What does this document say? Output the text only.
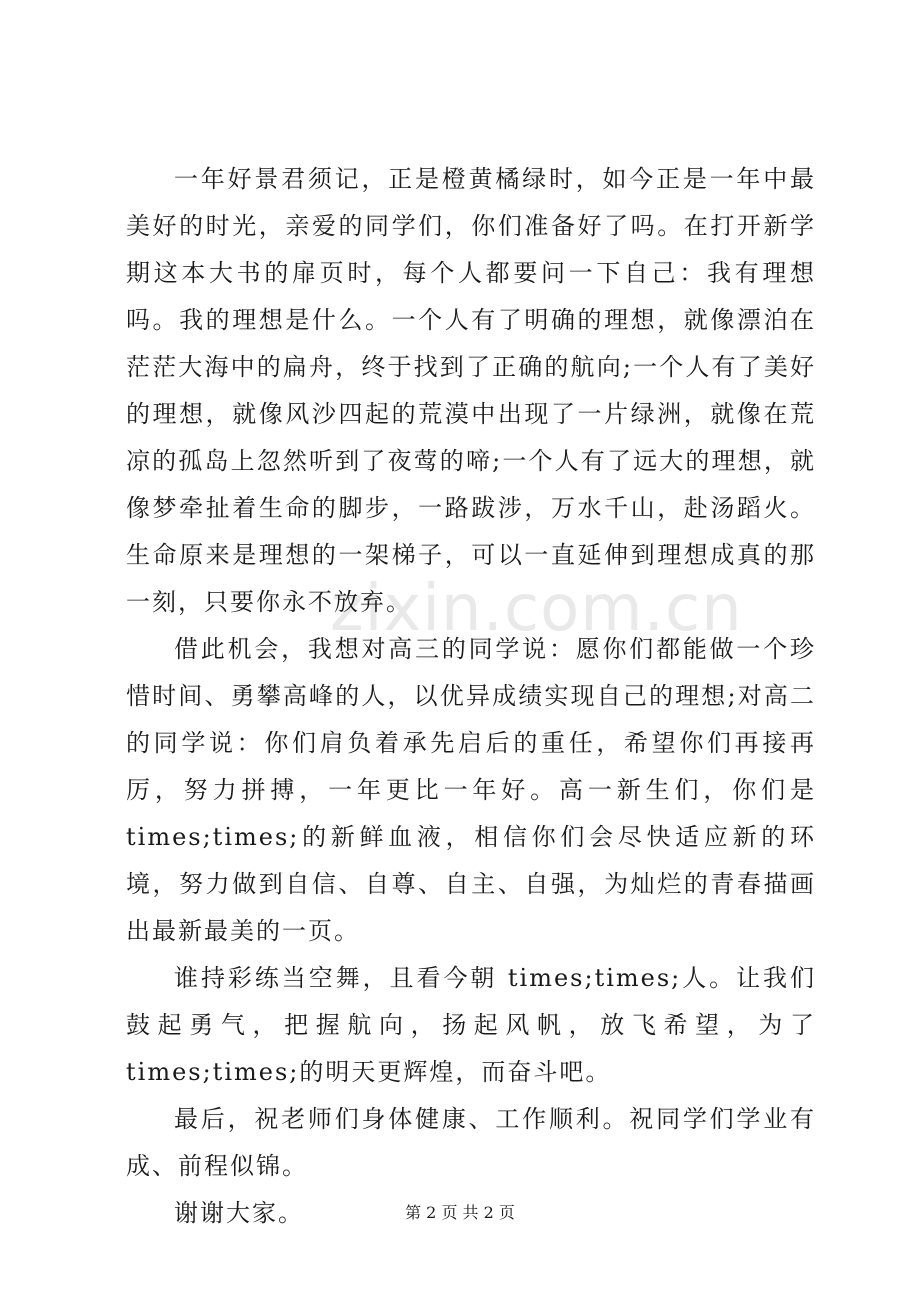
zixin.com.cn

一年好景君须记，正是橙黄橘绿时，如今正是一年中最美好的时光，亲爱的同学们，你们准备好了吗。在打开新学期这本大书的扉页时，每个人都要问一下自己：我有理想吗。我的理想是什么。一个人有了明确的理想，就像漂泊在茫茫大海中的扁舟，终于找到了正确的航向;一个人有了美好的理想，就像风沙四起的荒漠中出现了一片绿洲，就像在荒凉的孤岛上忽然听到了夜莺的啼;一个人有了远大的理想，就像梦牵扯着生命的脚步，一路跋涉，万水千山，赴汤蹈火。生命原来是理想的一架梯子，可以一直延伸到理想成真的那一刻，只要你永不放弃。

借此机会，我想对高三的同学说：愿你们都能做一个珍惜时间、勇攀高峰的人，以优异成绩实现自己的理想;对高二的同学说：你们肩负着承先启后的重任，希望你们再接再厉，努力拼搏，一年更比一年好。高一新生们，你们是 times;times;的新鲜血液，相信你们会尽快适应新的环境，努力做到自信、自尊、自主、自强，为灿烂的青春描画出最新最美的一页。

谁持彩练当空舞，且看今朝 times;times;人。让我们鼓起勇气，把握航向，扬起风帆，放飞希望，为了 times;times;的明天更辉煌，而奋斗吧。

最后，祝老师们身体健康、工作顺利。祝同学们学业有成、前程似锦。

谢谢大家。	第 2 页 共 2 页
